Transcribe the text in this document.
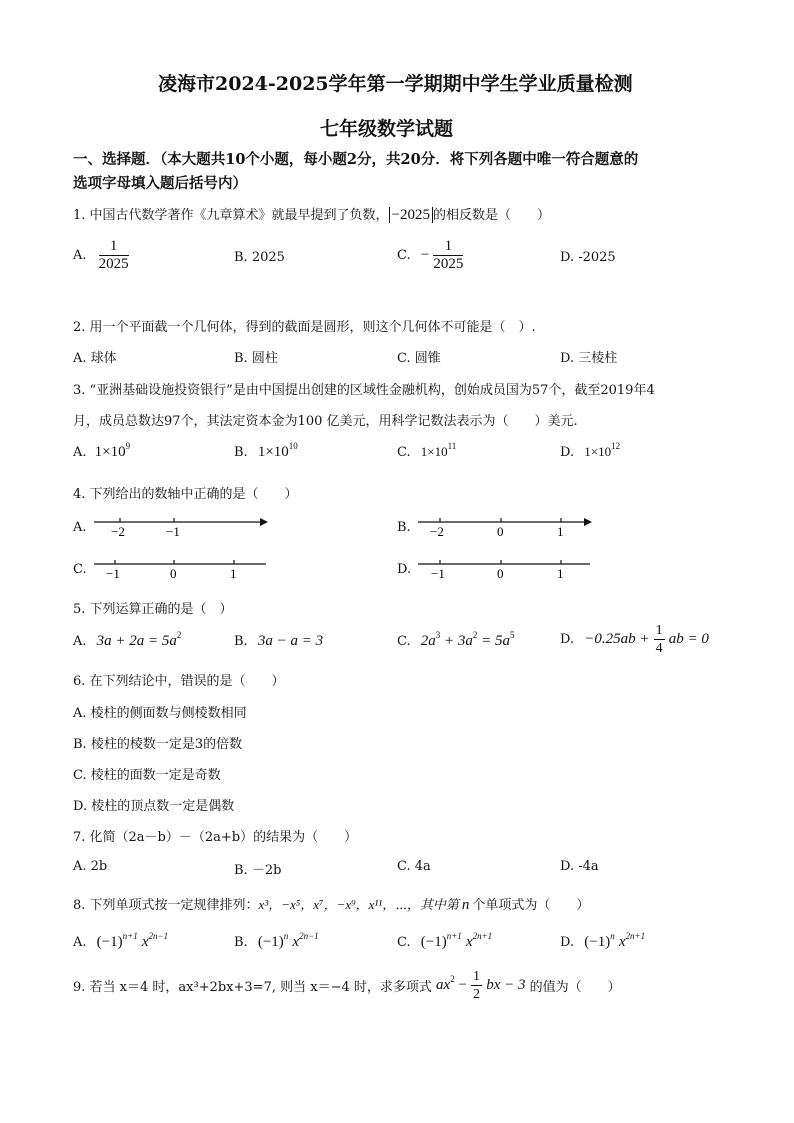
凌海市2024-2025学年第一学期期中学生学业质量检测
七年级数学试题
一、选择题．（本大题共10个小题，每小题2分，共20分．将下列各题中唯一符合题意的
选项字母填入题后括号内）
1. 中国古代数学著作《九章算术》就最早提到了负数， −2025 的相反数是（　　）
A. $\frac{1}{2025}$	B. 2025	C. − $\frac{1}{2025}$	D. -2025
2. 用一个平面截一个几何体，得到的截面是圆形，则这个几何体不可能是（　）.
A. 球体	B. 圆柱	C. 圆锥	D. 三棱柱
3. “亚洲基础设施投资银行”是由中国提出创建的区域性金融机构，创始成员国为57个，截至2019年4
月，成员总数达97个，其法定资本金为100 亿美元，用科学记数法表示为（　　）美元.
A. $1\times 10^9$	B. $1\times 10^{10}$	C. $1\times 10^{11}$	D. $1\times 10^{12}$
4. 下列给出的数轴中正确的是（　　）
A. −2	−1	B. −2	0	1
C. −1	0	1	D. −1	0	1
5. 下列运算正确的是（　）
A. $3a + 2a = 5a^2$	B. 3a − a = 3	C. $2a^3 + 3a^2 = 5a^5$	D. $-0.25ab + \frac{1}{4}$ ab = 0
6. 在下列结论中，错误的是（　　）
A. 棱柱的侧面数与侧棱数相同
B. 棱柱的棱数一定是3的倍数
C. 棱柱的面数一定是奇数
D. 棱柱的顶点数一定是偶数
7. 化简（2a－b）－（2a+b）的结果为（　　）
A. 2b	B. －2b	C. 4a	D. -4a
8. 下列单项式按一定规律排列：x³，−x⁵，x⁷，−x⁹，x¹¹，⋯，其中第 n 个单项式为（　　）
A. $(-1)^{n+1}$ $x^{2n-1}$	B. $(-1)^n$ $x^{2n-1}$	C. $(-1)^{n+1}$ $x^{2n+1}$	D. $(-1)^n$ $x^{2n+1}$
9. 若当 x＝4 时，ax³+2bx+3=7, 则当 x＝−4 时，求多项式 $ax^2 - \frac{1}{2}$ bx − 3 的值为（　　）
